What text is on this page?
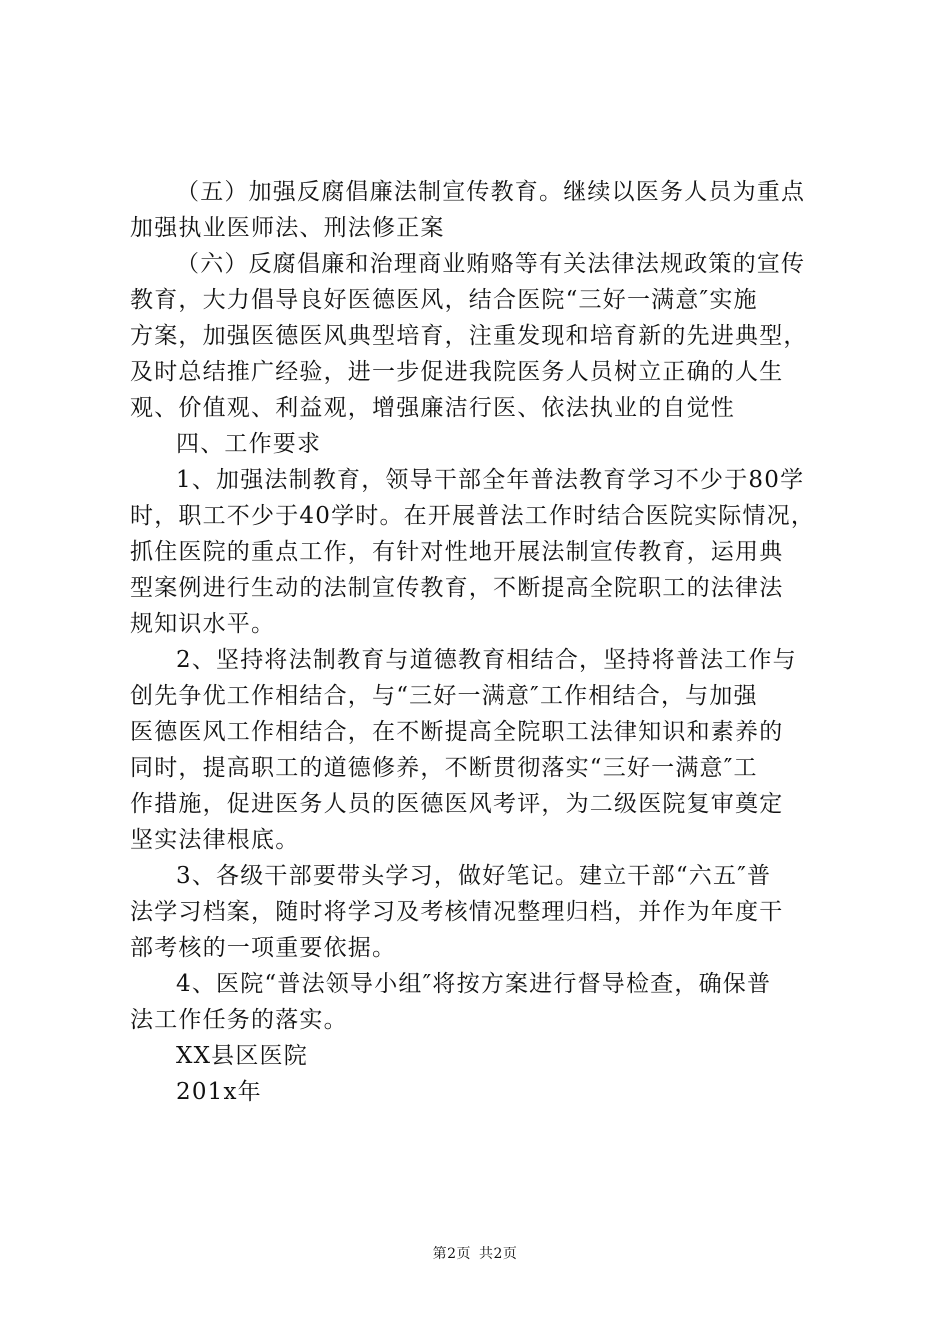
（五）加强反腐倡廉法制宣传教育。继续以医务人员为重点
加强执业医师法、刑法修正案
（六）反腐倡廉和治理商业贿赂等有关法律法规政策的宣传
教育，大力倡导良好医德医风，结合医院“三好一满意″实施
方案，加强医德医风典型培育，注重发现和培育新的先进典型，
及时总结推广经验，进一步促进我院医务人员树立正确的人生
观、价值观、利益观，增强廉洁行医、依法执业的自觉性
四、工作要求
1、加强法制教育，领导干部全年普法教育学习不少于80学
时，职工不少于40学时。在开展普法工作时结合医院实际情况，
抓住医院的重点工作，有针对性地开展法制宣传教育，运用典
型案例进行生动的法制宣传教育，不断提高全院职工的法律法
规知识水平。
2、坚持将法制教育与道德教育相结合，坚持将普法工作与
创先争优工作相结合，与“三好一满意″工作相结合，与加强
医德医风工作相结合，在不断提高全院职工法律知识和素养的
同时，提高职工的道德修养，不断贯彻落实“三好一满意″工
作措施，促进医务人员的医德医风考评，为二级医院复审奠定
坚实法律根底。
3、各级干部要带头学习，做好笔记。建立干部“六五″普
法学习档案，随时将学习及考核情况整理归档，并作为年度干
部考核的一项重要依据。
4、医院“普法领导小组″将按方案进行督导检查，确保普
法工作任务的落实。
XX县区医院
201x年
第2页 共2页
